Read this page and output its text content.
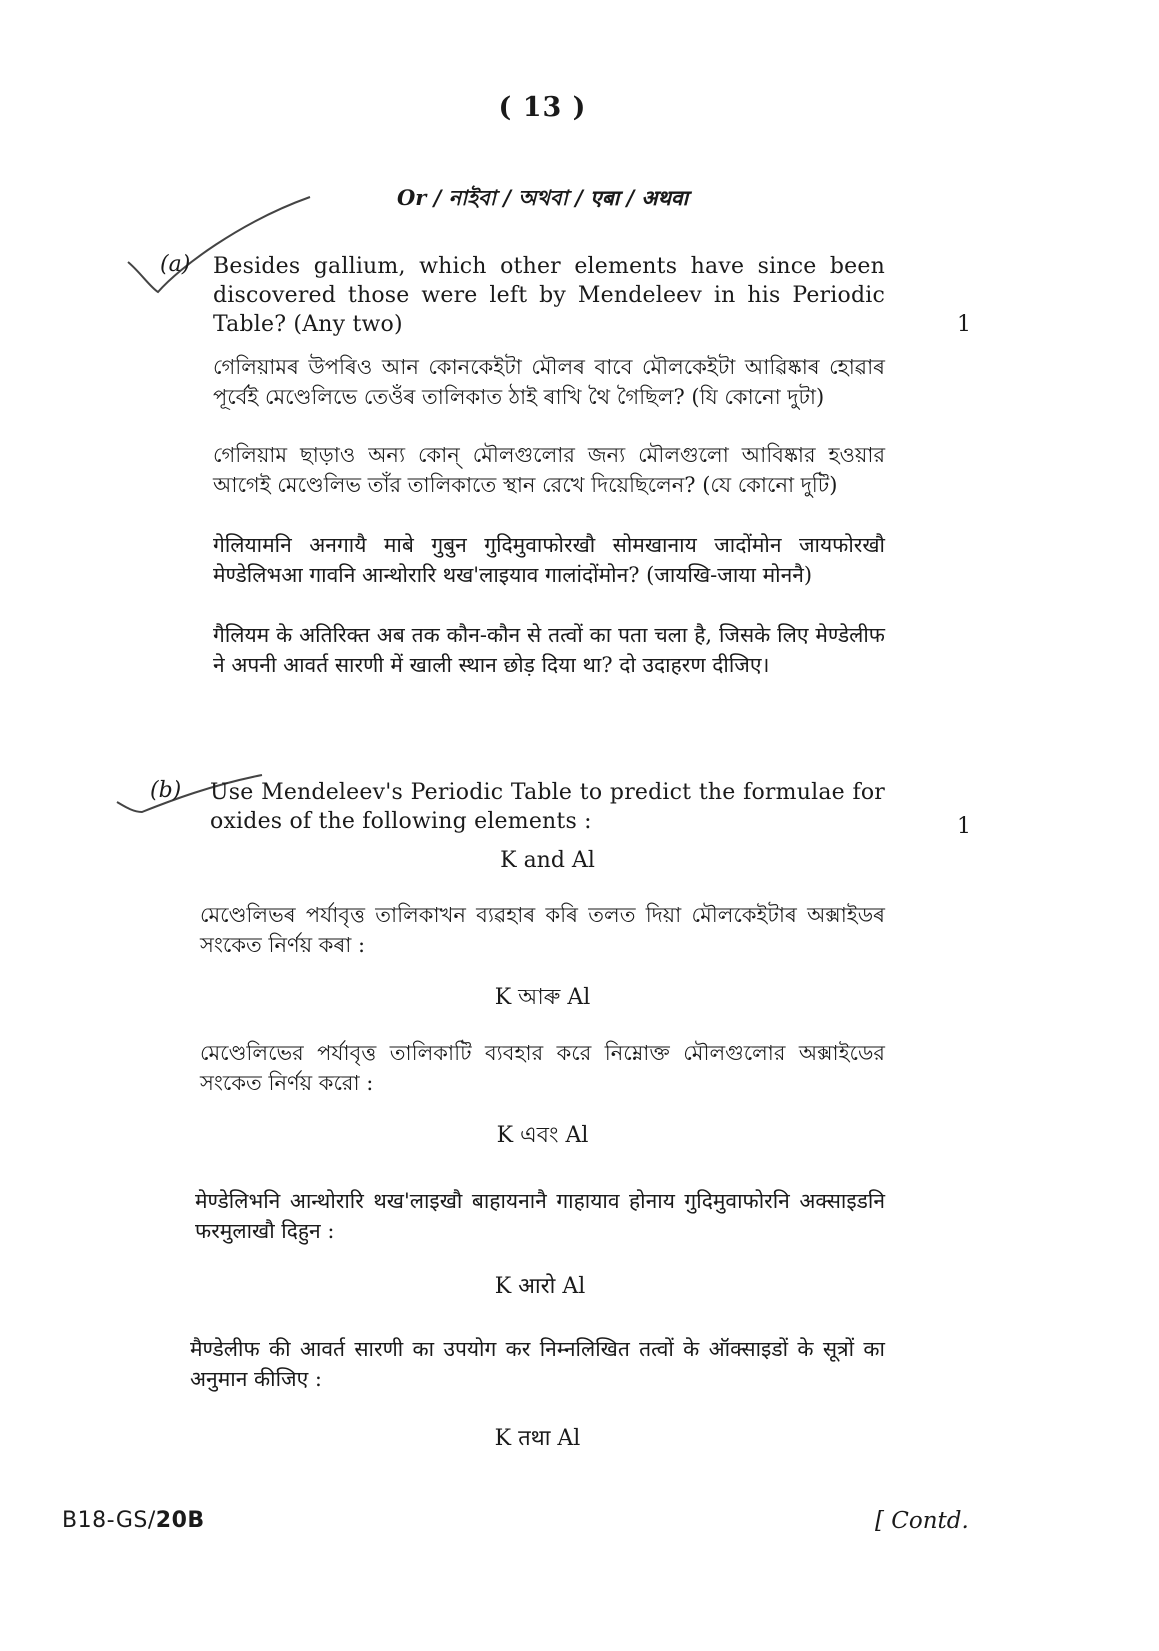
( 13 )
Or / নাইবা / অথবা / एबा / अथवा
(a) Besides gallium, which other elements have since been discovered those were left by Mendeleev in his Periodic Table? (Any two)	1
গেলিয়ামৰ উপৰিও আন কোনকেইটা মৌলৰ বাবে মৌলকেইটা আৱিষ্কাৰ হোৱাৰ পূৰ্বেই মেণ্ডেলিভে তেওঁৰ তালিকাত ঠাই ৰাখি থৈ গৈছিল? (যি কোনো দুটা)
গেলিয়াম ছাড়াও অন্য কোন্ মৌলগুলোর জন্য মৌলগুলো আবিষ্কার হওয়ার আগেই মেণ্ডেলিভ তাঁর তালিকাতে স্থান রেখে দিয়েছিলেন? (যে কোনো দুটি)
गेलियामनि अनगायै माबे गुबुन गुदिमुवाफोरखौ सोमखानाय जादोंमोन जायफोरखौ मेण्डेलिभआ गावनि आन्थोरारि थख'लाइयाव गालांदोंमोन? (जायखि-जाया मोननै)
गैलियम के अतिरिक्त अब तक कौन-कौन से तत्वों का पता चला है, जिसके लिए मेण्डेलीफ ने अपनी आवर्त सारणी में खाली स्थान छोड़ दिया था? दो उदाहरण दीजिए।
(b) Use Mendeleev's Periodic Table to predict the formulae for oxides of the following elements :	1
K and Al
মেণ্ডেলিভৰ পৰ্যাবৃত্ত তালিকাখন ব্যৱহাৰ কৰি তলত দিয়া মৌলকেইটাৰ অক্সাইডৰ সংকেত নিৰ্ণয় কৰা :
K আৰু Al
মেণ্ডেলিভের পর্যাবৃত্ত তালিকাটি ব্যবহার করে নিম্নোক্ত মৌলগুলোর অক্সাইডের সংকেত নির্ণয় করো :
K এবং Al
मेण्डेलिभनि आन्थोरारि थख'लाइखौ बाहायनानै गाहायाव होनाय गुदिमुवाफोरनि अक्साइडनि फरमुलाखौ दिहुन :
K आरो Al
मैण्डेलीफ की आवर्त सारणी का उपयोग कर निम्नलिखित तत्वों के ऑक्साइडों के सूत्रों का अनुमान कीजिए :
K तथा Al
B18-GS/20B	[ Contd.
